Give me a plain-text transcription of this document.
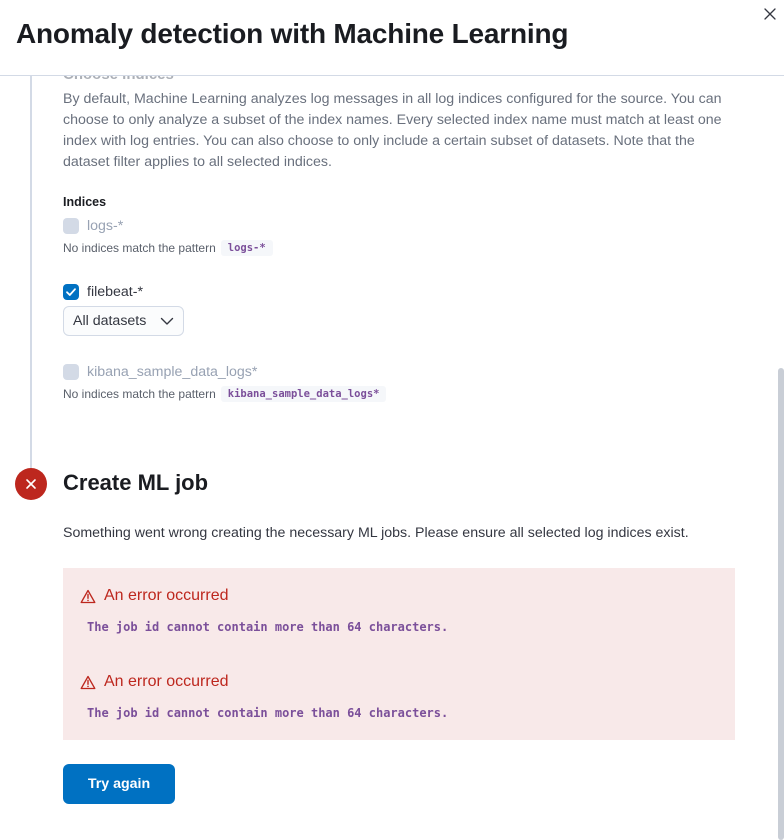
By default, Machine Learning analyzes log messages in all log indices configured for the source. You can choose to only analyze a subset of the index names. Every selected index name must match at least one index with log entries. You can also choose to only include a certain subset of datasets. Note that the dataset filter applies to all selected indices.
Indices
logs-*
No indices match the pattern	logs-*
filebeat-*
All datasets
kibana_sample_data_logs*
No indices match the pattern	kibana_sample_data_logs*
Create ML job
Something went wrong creating the necessary ML jobs. Please ensure all selected log indices exist.
An error occurred
The job id cannot contain more than 64 characters.
An error occurred
The job id cannot contain more than 64 characters.
Try again
Anomaly detection with Machine Learning
